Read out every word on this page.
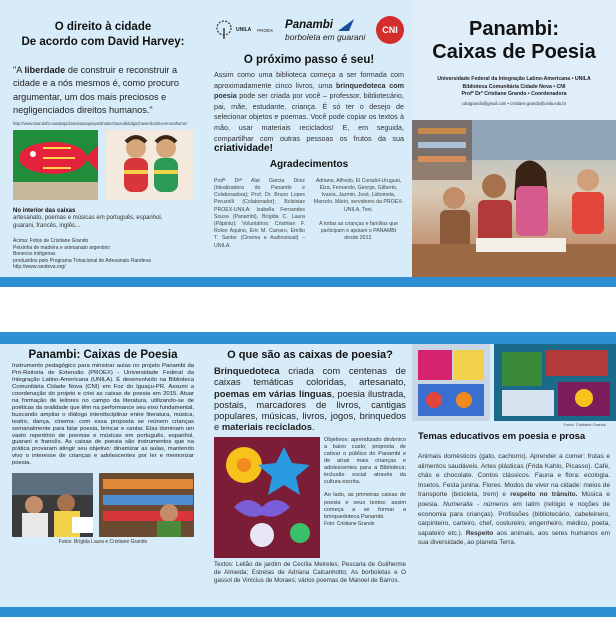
O direito à cidade
De acordo com David Harvey:

"A liberdade de construir e reconstruir a cidade e a nós mesmos é, como procuro argumentar, um dos mais preciosos e negligenciados direitos humanos."

http://www.tirandoficcaodaspiclasvivasaquiejardinsdochaveafidalgochaverdodotvermorahamm

No interior das caixas

artesanato, poemas e músicas em português, espanhol, guarani, francês, inglês...

Acima: Fotos de Cristiane Grando
Peixinha de madeira e artesanato argentino
Bonecos indígenas
produzidos pelo Programa Trinacional de Artesanato Randeva
http://www.randeva.org/

UNILA PROEX Panambi
borboleta em guarani
CNI
O próximo passo é seu!

Assim como uma biblioteca começa a ser formada com aproximadamente cinco livros, uma brinquedoteca com poesia pode ser criada por você – professor, bibliotecário, pai, mãe, estudante, criança. É só ter o desejo de selecionar objetos e poemas. Você pode copiar os textos à mão, usar materiais reciclados! E, em seguida, compartilhar com outras pessoas os frutos da sua criatividade!

Agradecimentos
Profª Drª Alai Garcia Diniz (Idealizadora do Panambi e Colaboradora); Prof. Dr. Bruno Lopes Peruzolli (Colaborador); Bolsistas PROEX-UNILA: Izabella Fernandes Sousa (Panambi), Brígida C. Laura (Pãpintu); Voluntários: Cristhian F. Rolon Aquino, Eric M. Carraro, Emílio T. Santor (Cinema e Audiovisual) – UNILA.
Adriano, Alfredo, El Coradol-Uruguai, Elza, Fernando, George, Gilberto, Ivania, Jazmin, José, Lidiomela, Marcelo, Mário, servidores da PROEX-UNILA, Toni.

A todas as crianças e famílias que participam e apoiam o PANAMBI desde 2012.
Panambi:
Caixas de Poesia

Universidade Federal da Integração Latino-Americana • UNILA

Biblioteca Comunitária Cidade Nova • CNI

Profª Drª Cristiane Grando • Coordenadora

cdragrando@gmail.com • cristiane.grando@unila.edu.br

Panambi: Caixas de Poesia

Instrumento pedagógico para ministrar aulas no projeto Panambi da Pró-Reitoria de Extensão (PROEX) - Universidade Federal da Integração Latino-Americana (UNILA). É desenvolvido na Biblioteca Comunitária Cidade Nova (CNI) em Foz do Iguaçu-PR. Assumi a coordenação do projeto e criei as caixas de poesia em 2015. Atuar na formação de leitores no campo da literatura, utilizando-se de poéticas da oralidade que têm na performance seu eixo fundamental, buscando ampliar o diálogo interdisciplinar entre literatura, música, teatro, dança, cinema: com essa proposta se reúnem crianças semanalmente para falar poesia, brincar e cantar. Elas dominam um vasto repertório de poemas e músicas em português, espanhol, guarani e francês. As caixas de poesia são instrumentos que na prática provaram atingir seu objetivo: dinamizar as aulas, mantendo vivo o interesse de crianças e adolescentes por ler e memorizar poesia.

Fotos: Brígida Laura e Cristiane Grando

O que são as caixas de poesia?

Brinquedoteca criada com centenas de caixas temáticas coloridas, artesanato, poemas em várias línguas, poesia ilustrada, postais, marcadores de livros, cantigas populares, músicas, livros, jogos, brinquedos e materiais reciclados.

Objetivos: aprendizado dinâmico a baixo custo; proposta de cativar o público do Panambi e de atrair mais crianças e adolescentes para a Biblioteca; inclusão social através da cultura escrita.

Ao lado, as primeiras caixas de poesia e seus textos: assim começa a se formar a brinquedoteca Panambi.

Foto: Cristiane Grando

Textos: Leilão de jardim de Cecília Meireles; Pescaria de Guilherme de Almeida; Estrelas de Adriana Calcanhotto; As borboletas e O gassol de Vinícius de Moraes; vários poemas de Manoel de Barros.

Fotos: Cristiane Grando

Temas educativos em poesia e prosa

Animais domésticos (gato, cachorro). Aprender a comer: frutas e alimentos saudáveis. Artes plásticas (Frida Kahlo, Picasso). Café, chás e chocolate. Contos clássicos. Fauna e flora: ecologia. Insetos. Festa junina. Flores. Modos de viver na cidade: meios de transporte (bicicleta, trem) e respeito no trânsito. Música e poesia. Numeralia - números em latim (relógio e noções de economia para crianças). Profissões (bibliotecário, cabeleireiro, carpinteiro, carteiro, chef, costureiro, engenheiro, médico, poeta, sapateiro etc.). Respeito aos animais, aos seres humanos em sua diversidade, ao planeta Terra.
